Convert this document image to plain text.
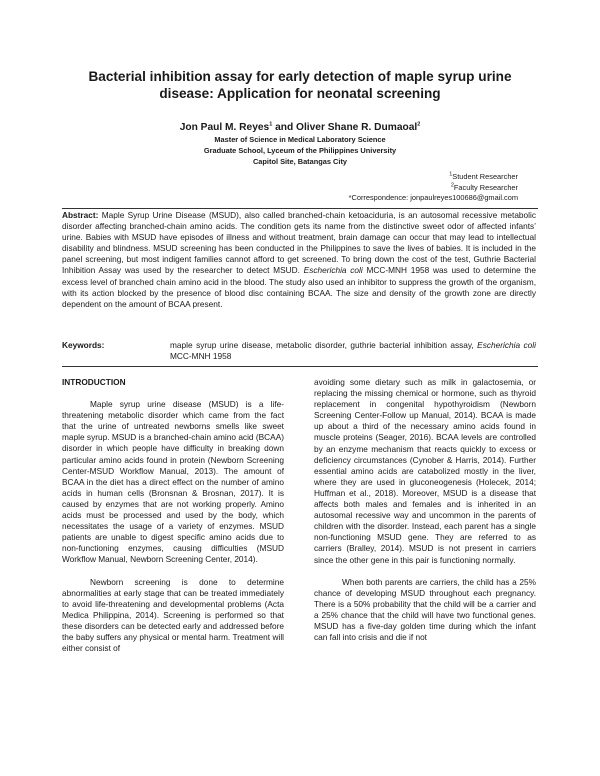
Bacterial inhibition assay for early detection of maple syrup urine
disease: Application for neonatal screening
Jon Paul M. Reyes$^1$ and Oliver Shane R. Dumaoal$^2$
Master of Science in Medical Laboratory Science
Graduate School, Lyceum of the Philippines University
Capitol Site, Batangas City
$^1$Student Researcher
$^2$Faculty Researcher
*Correspondence: jonpaulreyes100686@gmail.com
Abstract: Maple Syrup Urine Disease (MSUD), also called branched-chain ketoaciduria, is an autosomal recessive metabolic disorder affecting branched-chain amino acids. The condition gets its name from the distinctive sweet odor of affected infants’ urine. Babies with MSUD have episodes of illness and without treatment, brain damage can occur that may lead to intellectual disability and blindness. MSUD screening has been conducted in the Philippines to save the lives of babies. It is included in the panel screening, but most indigent families cannot afford to get screened. To bring down the cost of the test, Guthrie Bacterial Inhibition Assay was used by the researcher to detect MSUD. Escherichia coli MCC-MNH 1958 was used to determine the excess level of branched chain amino acid in the blood. The study also used an inhibitor to suppress the growth of the organism, with its action blocked by the presence of blood disc containing BCAA. The size and density of the growth zone are directly dependent on the amount of BCAA present.
Keywords:	maple syrup urine disease, metabolic disorder, guthrie bacterial inhibition assay, Escherichia coli MCC-MNH 1958
INTRODUCTION

Maple syrup urine disease (MSUD) is a life-threatening metabolic disorder which came from the fact that the urine of untreated newborns smells like sweet maple syrup. MSUD is a branched-chain amino acid (BCAA) disorder in which people have difficulty in breaking down particular amino acids found in protein (Newborn Screening Center-MSUD Workflow Manual, 2013). The amount of BCAA in the diet has a direct effect on the number of amino acids in human cells (Bronsnan & Brosnan, 2017). It is caused by enzymes that are not working properly. Amino acids must be processed and used by the body, which necessitates the usage of a variety of enzymes. MSUD patients are unable to digest specific amino acids due to non-functioning enzymes, causing difficulties (MSUD Workflow Manual, Newborn Screening Center, 2014).

Newborn screening is done to determine abnormalities at early stage that can be treated immediately to avoid life-threatening and developmental problems (Acta Medica Philippina, 2014). Screening is performed so that these disorders can be detected early and addressed before the baby suffers any physical or mental harm. Treatment will either consist of

avoiding some dietary such as milk in galactosemia, or replacing the missing chemical or hormone, such as thyroid replacement in congenital hypothyroidism (Newborn Screening Center-Follow up Manual, 2014). BCAA is made up about a third of the necessary amino acids found in muscle proteins (Seager, 2016). BCAA levels are controlled by an enzyme mechanism that reacts quickly to excess or deficiency circumstances (Cynober & Harris, 2014). Further essential amino acids are catabolized mostly in the liver, where they are used in gluconeogenesis (Holecek, 2014; Huffman et al., 2018). Moreover, MSUD is a disease that affects both males and females and is inherited in an autosomal recessive way and uncommon in the parents of children with the disorder. Instead, each parent has a single non-functioning MSUD gene. They are referred to as carriers (Bralley, 2014). MSUD is not present in carriers since the other gene in this pair is functioning normally.

When both parents are carriers, the child has a 25% chance of developing MSUD throughout each pregnancy. There is a 50% probability that the child will be a carrier and a 25% chance that the child will have two functional genes. MSUD has a five-day golden time during which the infant can fall into crisis and die if not
